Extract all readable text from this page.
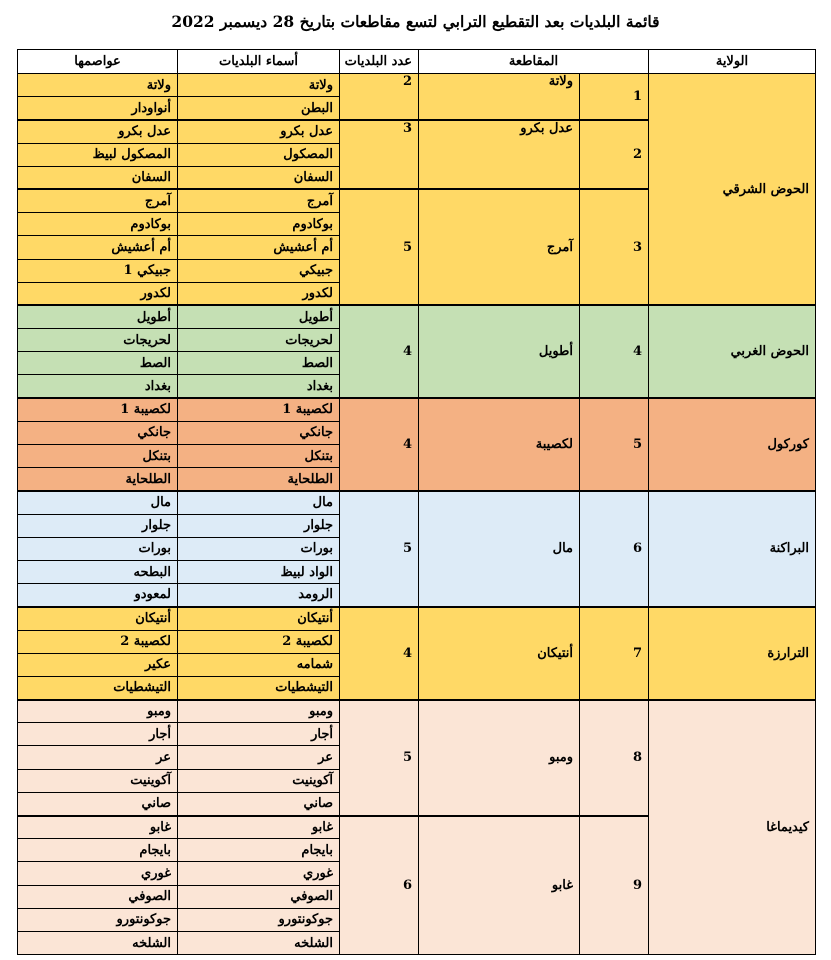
قائمة البلديات بعد التقطيع الترابي لتسع مقاطعات بتاريخ 28 ديسمبر 2022
الولاية	المقاطعة		عدد البلديات	أسماء البلديات	عواصمها
الحوض الشرقي	1	ولاتة	2	ولاتة	ولاتة
				البطن	أنواودار
	2	عدل بكرو	3	عدل بكرو	عدل بكرو
				المصكول	المصكول لبيظ
				السفان	السفان
	3	آمرج	5	آمرج	آمرج
				بوكادوم	بوكادوم
				أم أعشيش	أم أعشيش
				جبيكي	جبيكي 1
				لكدور	لكدور
الحوض الغربي	4	أطويل	4	أطويل	أطويل
				لحريجات	لحريجات
				الصط	الصط
				بغداد	بغداد
كوركول	5	لكصيبة	4	لكصيبة 1	لكصيبة 1
				جانكي	جانكي
				بتنكل	بتنكل
				الطلحاية	الطلحاية
البراكنة	6	مال	5	مال	مال
				جلوار	جلوار
				بورات	بورات
				الواد لبيظ	البطحه
				الرومد	لمعودو
الترارزة	7	أنتيكان	4	أنتيكان	أنتيكان
				لكصيبة 2	لكصيبة 2
				شمامه	عكير
				التيشطيات	التيشطيات
كيديماغا	8	ومبو	5	ومبو	ومبو
				أجار	أجار
				عر	عر
				آكوينيت	آكوينيت
				صاني	صاني
	9	غابو	6	غابو	غابو
				بايجام	بايجام
				غوري	غوري
				الصوفي	الصوفي
				جوكونتورو	جوكونتورو
				الشلخه	الشلخه
